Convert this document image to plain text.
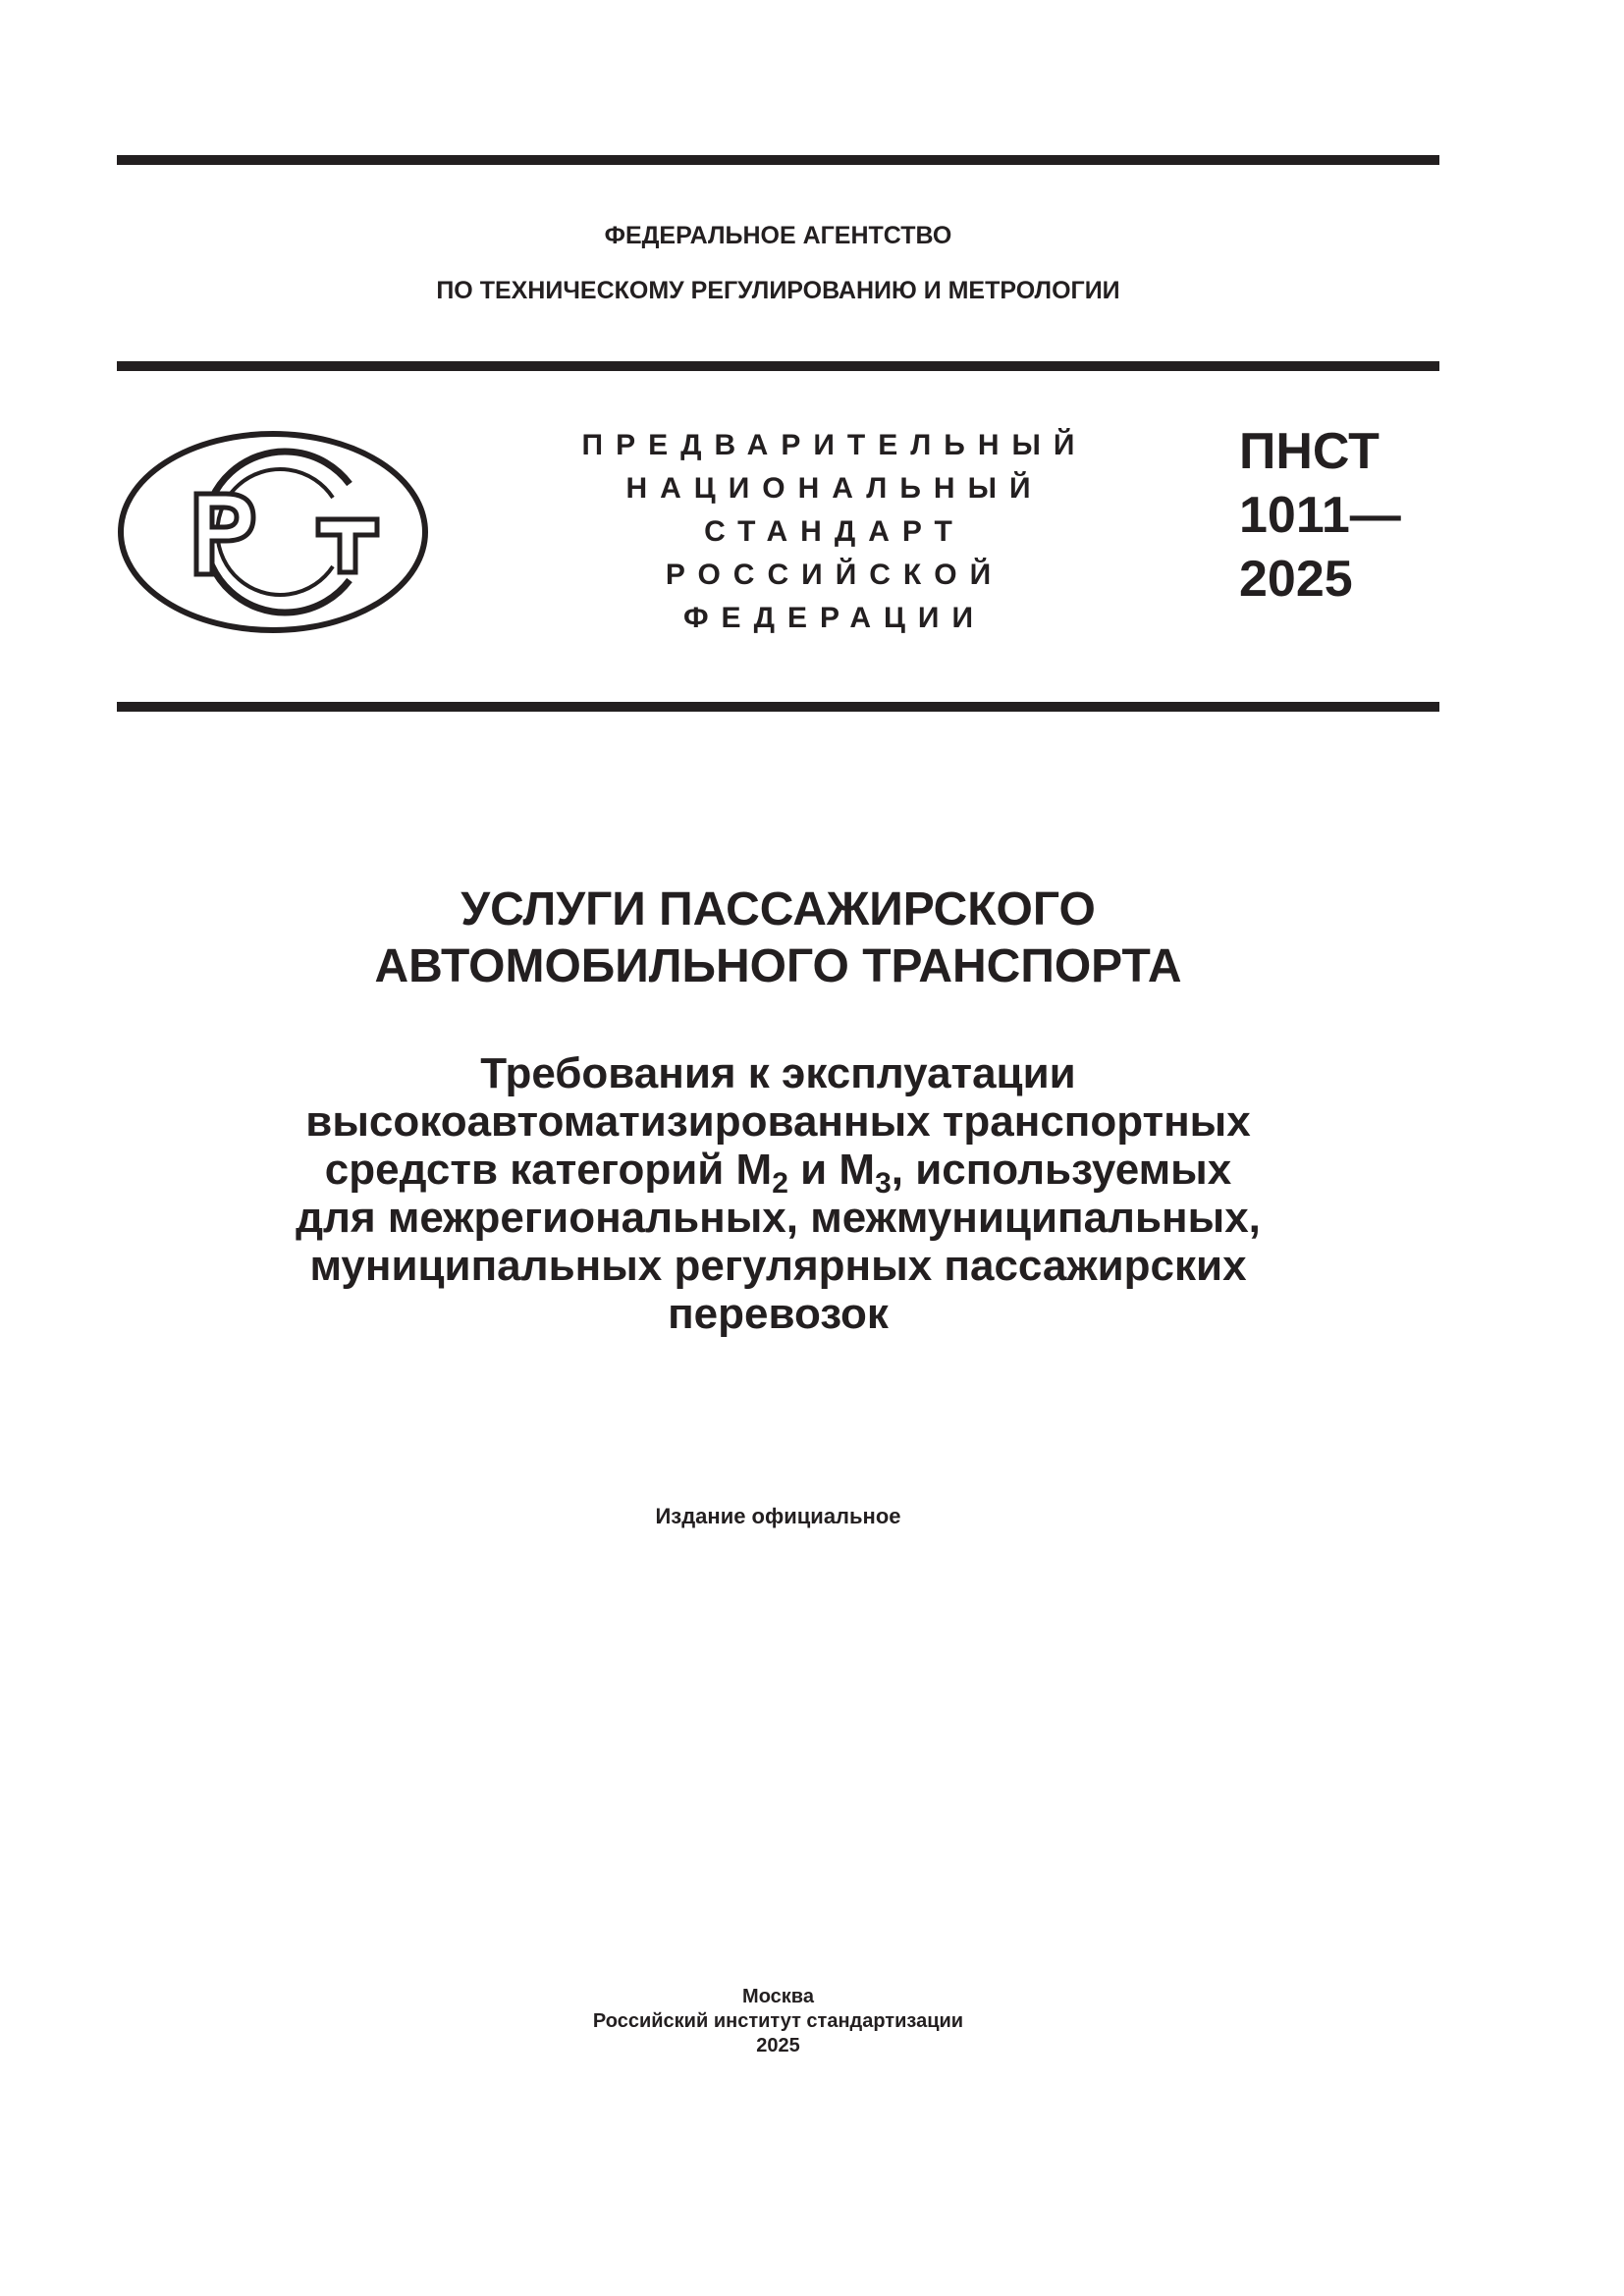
ФЕДЕРАЛЬНОЕ АГЕНТСТВО
ПО ТЕХНИЧЕСКОМУ РЕГУЛИРОВАНИЮ И МЕТРОЛОГИИ
ПРЕДВАРИТЕЛЬНЫЙ
НАЦИОНАЛЬНЫЙ
СТАНДАРТ
РОССИЙСКОЙ
ФЕДЕРАЦИИ
ПНСТ
1011—
2025
УСЛУГИ ПАССАЖИРСКОГО
АВТОМОБИЛЬНОГО ТРАНСПОРТА
Требования к эксплуатации
высокоавтоматизированных транспортных
средств категорий $М_2$ и $М_3$, используемых
для межрегиональных, межмуниципальных,
муниципальных регулярных пассажирских
перевозок
Издание официальное
Москва
Российский институт стандартизации
2025
